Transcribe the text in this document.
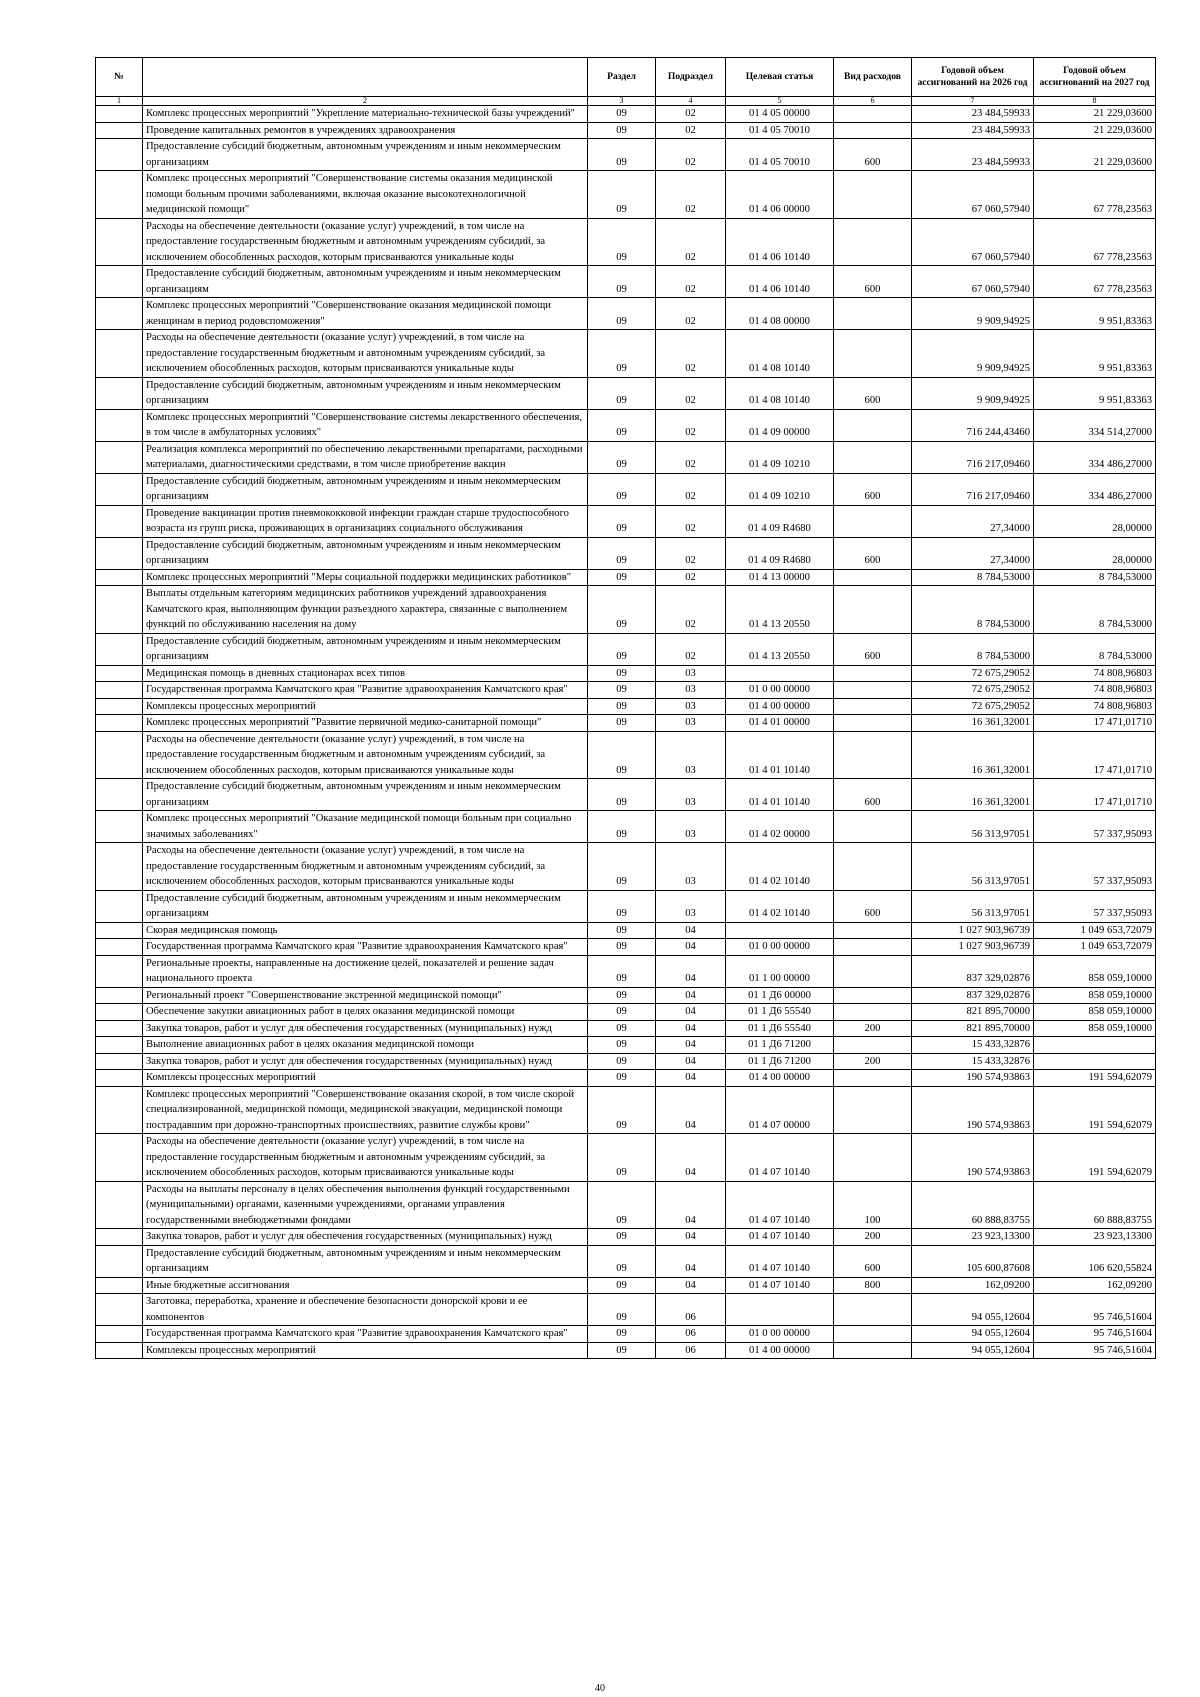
№		Раздел	Подраздел	Целевая статья	Вид расходов	Годовой объем ассигнований на 2026 год	Годовой объем ассигнований на 2027 год
1	2	3	4	5	6	7	8
	Комплекс процессных мероприятий "Укрепление материально-технической базы учреждений"	09	02	01 4 05 00000		23 484,59933	21 229,03600
	Проведение капитальных ремонтов в учреждениях здравоохранения	09	02	01 4 05 70010		23 484,59933	21 229,03600
	Предоставление субсидий бюджетным, автономным учреждениям и иным некоммерческим организациям	09	02	01 4 05 70010	600	23 484,59933	21 229,03600
	Комплекс процессных мероприятий "Совершенствование системы оказания медицинской помощи больным прочими заболеваниями, включая оказание высокотехнологичной медицинской помощи"	09	02	01 4 06 00000		67 060,57940	67 778,23563
	Расходы на обеспечение деятельности (оказание услуг) учреждений, в том числе на предоставление государственным бюджетным и автономным учреждениям субсидий, за исключением обособленных расходов, которым присваиваются уникальные коды	09	02	01 4 06 10140		67 060,57940	67 778,23563
	Предоставление субсидий бюджетным, автономным учреждениям и иным некоммерческим организациям	09	02	01 4 06 10140	600	67 060,57940	67 778,23563
	Комплекс процессных мероприятий "Совершенствование оказания медицинской помощи женщинам в период родовспоможения"	09	02	01 4 08 00000		9 909,94925	9 951,83363
	Расходы на обеспечение деятельности (оказание услуг) учреждений, в том числе на предоставление государственным бюджетным и автономным учреждениям субсидий, за исключением обособленных расходов, которым присваиваются уникальные коды	09	02	01 4 08 10140		9 909,94925	9 951,83363
	Предоставление субсидий бюджетным, автономным учреждениям и иным некоммерческим организациям	09	02	01 4 08 10140	600	9 909,94925	9 951,83363
	Комплекс процессных мероприятий "Совершенствование системы лекарственного обеспечения, в том числе в амбулаторных условиях"	09	02	01 4 09 00000		716 244,43460	334 514,27000
	Реализация комплекса мероприятий по обеспечению лекарственными препаратами, расходными материалами, диагностическими средствами, в том числе приобретение вакцин	09	02	01 4 09 10210		716 217,09460	334 486,27000
	Предоставление субсидий бюджетным, автономным учреждениям и иным некоммерческим организациям	09	02	01 4 09 10210	600	716 217,09460	334 486,27000
	Проведение вакцинации против пневмококковой инфекции граждан старше трудоспособного возраста из групп риска, проживающих в организациях социального обслуживания	09	02	01 4 09 R4680		27,34000	28,00000
	Предоставление субсидий бюджетным, автономным учреждениям и иным некоммерческим организациям	09	02	01 4 09 R4680	600	27,34000	28,00000
	Комплекс процессных мероприятий "Меры социальной поддержки медицинских работников"	09	02	01 4 13 00000		8 784,53000	8 784,53000
	Выплаты отдельным категориям медицинских работников учреждений здравоохранения Камчатского края, выполняющим функции разъездного характера, связанные с выполнением функций по обслуживанию населения на дому	09	02	01 4 13 20550		8 784,53000	8 784,53000
	Предоставление субсидий бюджетным, автономным учреждениям и иным некоммерческим организациям	09	02	01 4 13 20550	600	8 784,53000	8 784,53000
	Медицинская помощь в дневных стационарах всех типов	09	03			72 675,29052	74 808,96803
	Государственная программа Камчатского края "Развитие здравоохранения Камчатского края"	09	03	01 0 00 00000		72 675,29052	74 808,96803
	Комплексы процессных мероприятий	09	03	01 4 00 00000		72 675,29052	74 808,96803
	Комплекс процессных мероприятий "Развитие первичной медико-санитарной помощи"	09	03	01 4 01 00000		16 361,32001	17 471,01710
	Расходы на обеспечение деятельности (оказание услуг) учреждений, в том числе на предоставление государственным бюджетным и автономным учреждениям субсидий, за исключением обособленных расходов, которым присваиваются уникальные коды	09	03	01 4 01 10140		16 361,32001	17 471,01710
	Предоставление субсидий бюджетным, автономным учреждениям и иным некоммерческим организациям	09	03	01 4 01 10140	600	16 361,32001	17 471,01710
	Комплекс процессных мероприятий "Оказание медицинской помощи больным при социально значимых заболеваниях"	09	03	01 4 02 00000		56 313,97051	57 337,95093
	Расходы на обеспечение деятельности (оказание услуг) учреждений, в том числе на предоставление государственным бюджетным и автономным учреждениям субсидий, за исключением обособленных расходов, которым присваиваются уникальные коды	09	03	01 4 02 10140		56 313,97051	57 337,95093
	Предоставление субсидий бюджетным, автономным учреждениям и иным некоммерческим организациям	09	03	01 4 02 10140	600	56 313,97051	57 337,95093
	Скорая медицинская помощь	09	04			1 027 903,96739	1 049 653,72079
	Государственная программа Камчатского края "Развитие здравоохранения Камчатского края"	09	04	01 0 00 00000		1 027 903,96739	1 049 653,72079
	Региональные проекты, направленные на достижение целей, показателей и решение задач национального проекта	09	04	01 1 00 00000		837 329,02876	858 059,10000
	Региональный проект "Совершенствование экстренной медицинской помощи"	09	04	01 1 Д6 00000		837 329,02876	858 059,10000
	Обеспечение закупки авиационных работ в целях оказания медицинской помощи	09	04	01 1 Д6 55540		821 895,70000	858 059,10000
	Закупка товаров, работ и услуг для обеспечения государственных (муниципальных) нужд	09	04	01 1 Д6 55540	200	821 895,70000	858 059,10000
	Выполнение авиационных работ в целях оказания медицинской помощи	09	04	01 1 Д6 71200		15 433,32876	
	Закупка товаров, работ и услуг для обеспечения государственных (муниципальных) нужд	09	04	01 1 Д6 71200	200	15 433,32876	
	Комплексы процессных мероприятий	09	04	01 4 00 00000		190 574,93863	191 594,62079
	Комплекс процессных мероприятий "Совершенствование оказания скорой, в том числе скорой специализированной, медицинской помощи, медицинской эвакуации, медицинской помощи пострадавшим при дорожно-транспортных происшествиях, развитие службы крови"	09	04	01 4 07 00000		190 574,93863	191 594,62079
	Расходы на обеспечение деятельности (оказание услуг) учреждений, в том числе на предоставление государственным бюджетным и автономным учреждениям субсидий, за исключением обособленных расходов, которым присваиваются уникальные коды	09	04	01 4 07 10140		190 574,93863	191 594,62079
	Расходы на выплаты персоналу в целях обеспечения выполнения функций государственными (муниципальными) органами, казенными учреждениями, органами управления государственными внебюджетными фондами	09	04	01 4 07 10140	100	60 888,83755	60 888,83755
	Закупка товаров, работ и услуг для обеспечения государственных (муниципальных) нужд	09	04	01 4 07 10140	200	23 923,13300	23 923,13300
	Предоставление субсидий бюджетным, автономным учреждениям и иным некоммерческим организациям	09	04	01 4 07 10140	600	105 600,87608	106 620,55824
	Иные бюджетные ассигнования	09	04	01 4 07 10140	800	162,09200	162,09200
	Заготовка, переработка, хранение и обеспечение безопасности донорской крови и ее компонентов	09	06			94 055,12604	95 746,51604
	Государственная программа Камчатского края "Развитие здравоохранения Камчатского края"	09	06	01 0 00 00000		94 055,12604	95 746,51604
	Комплексы процессных мероприятий	09	06	01 4 00 00000		94 055,12604	95 746,51604
40
